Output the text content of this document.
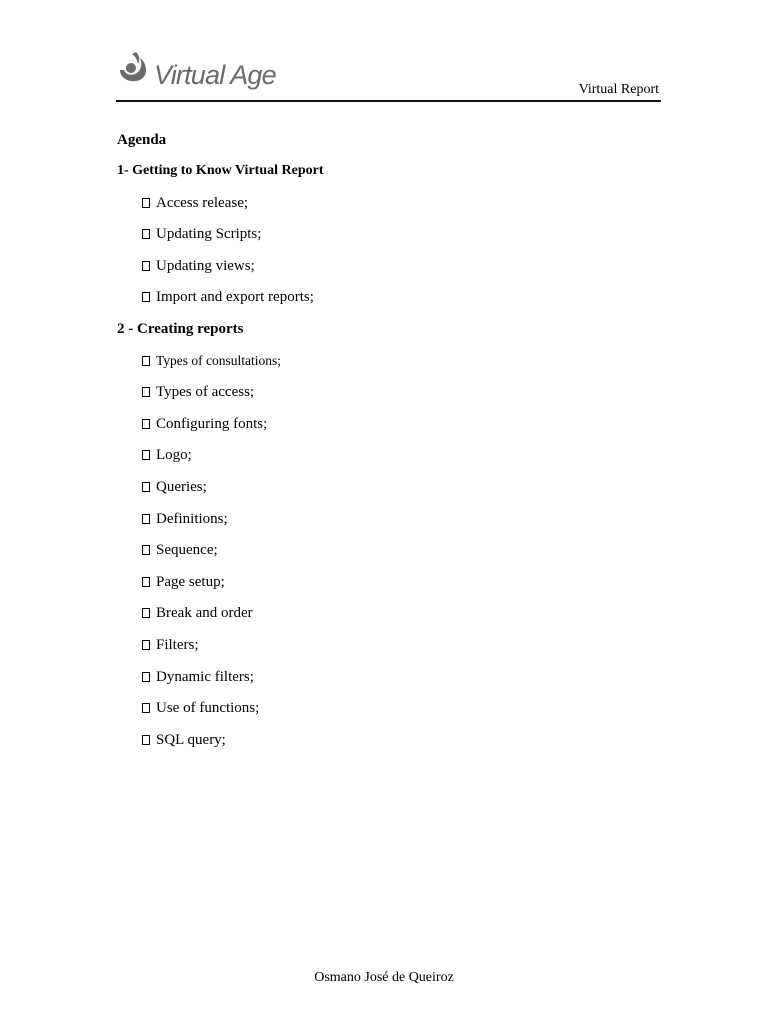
Virtual Age	Virtual Report
Agenda
1- Getting to Know Virtual Report
Access release;
Updating Scripts;
Updating views;
Import and export reports;
2 - Creating reports
Types of consultations;
Types of access;
Configuring fonts;
Logo;
Queries;
Definitions;
Sequence;
Page setup;
Break and order
Filters;
Dynamic filters;
Use of functions;
SQL query;
Osmano José de Queiroz
